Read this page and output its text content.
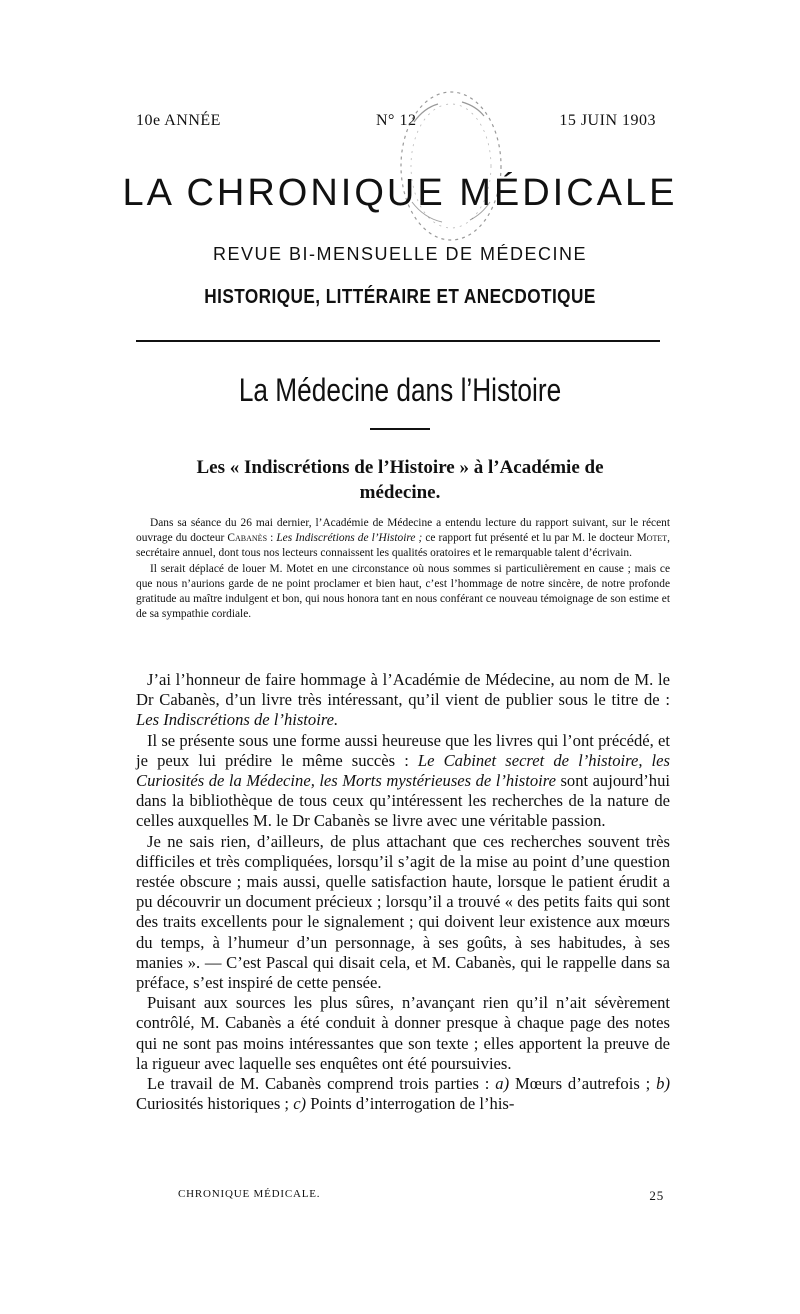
10e ANNÉE	N° 12	15 JUIN 1903
LA CHRONIQUE MÉDICALE
REVUE BI-MENSUELLE DE MÉDECINE
HISTORIQUE, LITTÉRAIRE ET ANECDOTIQUE
La Médecine dans l’Histoire
Les « Indiscrétions de l’Histoire » à l’Académie de médecine.

Dans sa séance du 26 mai dernier, l’Académie de Médecine a entendu lecture du rapport suivant, sur le récent ouvrage du docteur Cabanès : Les Indiscrétions de l’Histoire ; ce rapport fut présenté et lu par M. le docteur Motet, secrétaire annuel, dont tous nos lecteurs connaissent les qualités oratoires et le remarquable talent d’écrivain.

Il serait déplacé de louer M. Motet en une circonstance où nous sommes si particulièrement en cause ; mais ce que nous n’aurions garde de ne point proclamer et bien haut, c’est l’hommage de notre sincère, de notre profonde gratitude au maître indulgent et bon, qui nous honora tant en nous conférant ce nouveau témoignage de son estime et de sa sympathie cordiale.

J’ai l’honneur de faire hommage à l’Académie de Médecine, au nom de M. le Dr Cabanès, d’un livre très intéressant, qu’il vient de publier sous le titre de : Les Indiscrétions de l’histoire.

Il se présente sous une forme aussi heureuse que les livres qui l’ont précédé, et je peux lui prédire le même succès : Le Cabinet secret de l’histoire, les Curiosités de la Médecine, les Morts mystérieuses de l’histoire sont aujourd’hui dans la bibliothèque de tous ceux qu’intéressent les recherches de la nature de celles auxquelles M. le Dr Cabanès se livre avec une véritable passion.

Je ne sais rien, d’ailleurs, de plus attachant que ces recherches souvent très difficiles et très compliquées, lorsqu’il s’agit de la mise au point d’une question restée obscure ; mais aussi, quelle satisfaction haute, lorsque le patient érudit a pu découvrir un document précieux ; lorsqu’il a trouvé « des petits faits qui sont des traits excellents pour le signalement ; qui doivent leur existence aux mœurs du temps, à l’humeur d’un personnage, à ses goûts, à ses habitudes, à ses manies ». — C’est Pascal qui disait cela, et M. Cabanès, qui le rappelle dans sa préface, s’est inspiré de cette pensée.

Puisant aux sources les plus sûres, n’avançant rien qu’il n’ait sévèrement contrôlé, M. Cabanès a été conduit à donner presque à chaque page des notes qui ne sont pas moins intéressantes que son texte ; elles apportent la preuve de la rigueur avec laquelle ses enquêtes ont été poursuivies.

Le travail de M. Cabanès comprend trois parties : a) Mœurs d’autrefois ; b) Curiosités historiques ; c) Points d’interrogation de l’his-

CHRONIQUE MÉDICALE.	25
